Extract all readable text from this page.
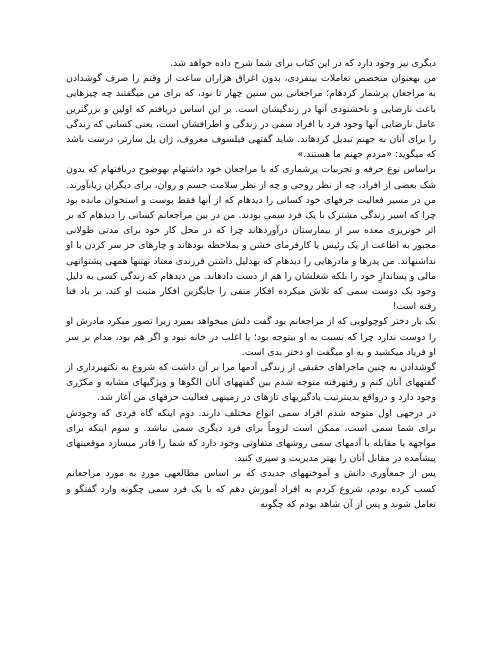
دیگری نیز وجود دارد که در این کتاب برای شما شرح داده خواهد شد.

من بهعنوان متخصص تعاملات بینفردی، بدون اغراق هزاران ساعت از وقتم را صرف گوشدادن به مراجعان پرشمار کردهام؛ مراجعانی بین سنین چهار تا نود، که برای من میگفتند چه چیزهایی باعث نارضایی و ناخشنودی آنها در زندگیشان است. بر این اساس دریافتم که اولین و بزرگترین عامل نارضایی آنها وجود فرد یا افراد سمی در زندگی و اطرافشان است، یعنی کسانی که زندگی را برای آنان به جهنم تبدیل کردهاند. شاید گفتهی فیلسوف معروف، ژان پل سارتر، درست باشد که میگوید: «مردم جهنم ما هستند.»

براساس نوع حرفه و تجربیات پرشماری که با مراجعان خود داشتهام بهوضوح دریافتهام که بدون شک بعضی از افراد، چه از نظر روحی و چه از نظر سلامت جسم و روان، برای دیگران زیانآورند.

من در مسیر فعالیت حرفهای خود کسانی را دیدهام که از آنها فقط پوست و استخوان مانده بود چرا که اسیر زندگی مشترک با یک فرد سمی بودند. من در بین مراجعانم کسانی را دیدهام که بر اثر خونریزی معده سر از بیمارستان درآوردهاند چرا که در محل کار خود برای مدتی طولانی مجبور به اطاعت از یک رئیس یا کارفرمای خشن و بملاحظه بودهاند و چارهای جز سر کردن با او نداشتهاند. من پدرها و مادرهایی را دیدهام که بهدلیل داشتن فرزندی معتاد نهتنها همهی پشتوانهی مالی و پساندازِ خود را بلکه شغلشان را هم از دست دادهاند. من دیدهام که زندگی کسی به دلیل وجود یک دوست سمی که تلاش میکرده افکار منفی را جایگزین افکار مثبت او کند، بر باد فنا رفته است!

یک بار دختر کوچولویی که از مراجعانم بود گفت دلش میخواهد بمیرد زیرا تصور میکرد مادرش او را دوست ندارد چرا که نسبت به او بیتوجه بود؛ یا اغلب در خانه نبود و اگر هم بود، مدام بر سر او فریاد میکشید و به او میگفت او دختر بدی است.

گوشدادن به چنین ماجراهای حقیقی از زندگی آدمها مرا بر آن داشت که شروع به نکتهبرداری از گفتههای آنان کنم و رفتهرفته متوجه شدم بین گفتههای آنان الگوها و ویژگیهای مشابه و مکرّری وجود دارد و درواقع بدینترتیب یادگیریهای تازهای در زمینهی فعالیت حرفهای من آغاز شد.

در درجهی اول متوجه شدم افراد سمی انواع مختلف دارند. دوم اینکه گاه فردی که وجودش برای شما سمی است، ممکن است لزوماً برای فرد دیگری سمی نباشد. و سوم اینکه برای مواجهه یا مقابله با آدمهای سمی روشهای متفاوتی وجود دارد که شما را قادر میسازد موقعیتهای پیشآمده در مقابل آنان را بهتر مدیریت و سپری کنید.

پس از جمعآوری دانش و آموختههای جدیدی که بر اساس مطالعهی موردِ به مورد مراجعانم کسب کرده بودم، شروع کردم به افراد آموزش دهم که با یک فرد سمی چگونه وارد گفتگو و تعامل شوند و پس از آن شاهد بودم که چگونه
